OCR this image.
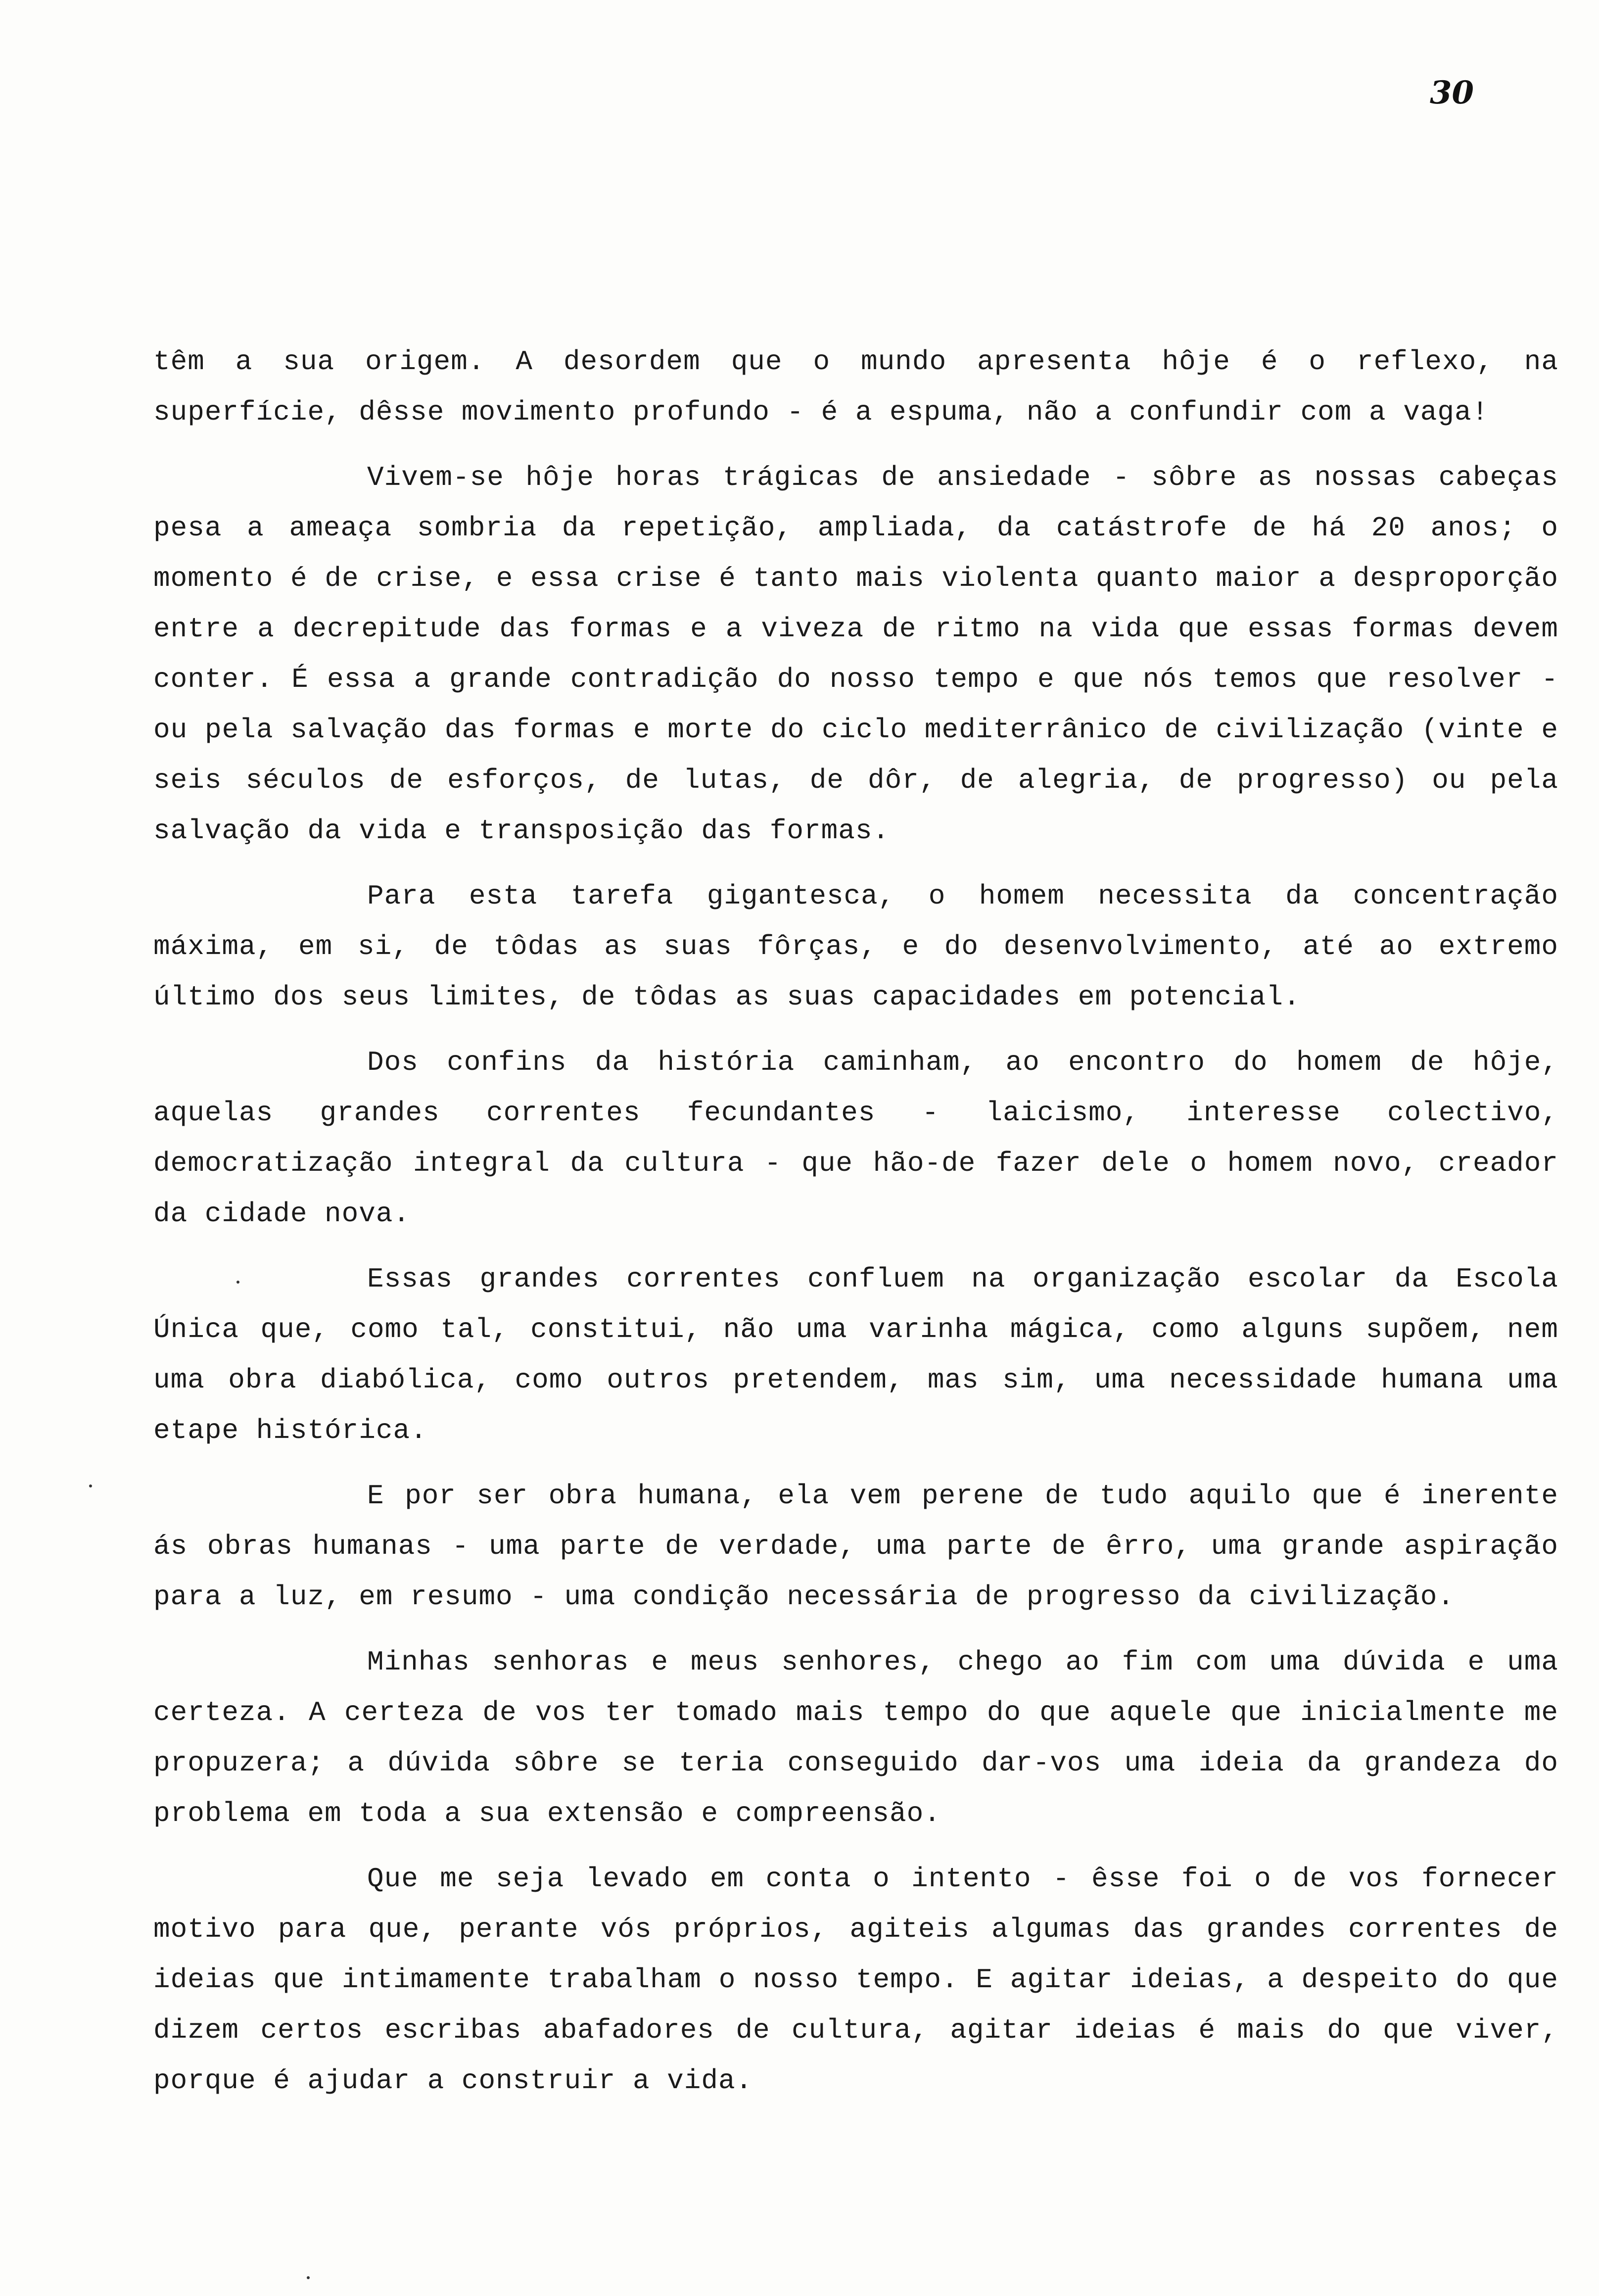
30

têm a sua origem. A desordem que o mundo apresenta hôje é o reflexo, na superfície, dêsse movimento profundo - é a espuma, não a confundir com a vaga!

Vivem-se hôje horas trágicas de ansiedade - sôbre as nossas cabeças pesa a ameaça sombria da repetição, ampliada, da catástrofe de há 20 anos; o momento é de crise, e essa crise é tanto mais violenta quanto maior a desproporção entre a decrepitude das formas e a viveza de ritmo na vida que essas formas devem conter. É essa a grande contradição do nosso tempo e que nós temos que resolver - ou pela salvação das formas e morte do ciclo mediterrânico de civilização (vinte e seis séculos de esforços, de lutas, de dôr, de alegria, de progresso) ou pela salvação da vida e transposição das formas.

Para esta tarefa gigantesca, o homem necessita da concentração máxima, em si, de tôdas as suas fôrças, e do desenvolvimento, até ao extremo último dos seus limites, de tôdas as suas capacidades em potencial.

Dos confins da história caminham, ao encontro do homem de hôje, aquelas grandes correntes fecundantes - laicismo, interesse colectivo, democratização integral da cultura - que hão-de fazer dele o homem novo, creador da cidade nova.

Essas grandes correntes confluem na organização escolar da Escola Única que, como tal, constitui, não uma varinha mágica, como alguns supõem, nem uma obra diabólica, como outros pretendem, mas sim, uma necessidade humana uma etape histórica.

E por ser obra humana, ela vem perene de tudo aquilo que é inerente ás obras humanas - uma parte de verdade, uma parte de êrro, uma grande aspiração para a luz, em resumo - uma condição necessária de progresso da civilização.

Minhas senhoras e meus senhores, chego ao fim com uma dúvida e uma certeza. A certeza de vos ter tomado mais tempo do que aquele que inicialmente me propuzera; a dúvida sôbre se teria conseguido dar-vos uma ideia da grandeza do problema em toda a sua extensão e compreensão.

Que me seja levado em conta o intento - êsse foi o de vos fornecer motivo para que, perante vós próprios, agiteis algumas das grandes correntes de ideias que intimamente trabalham o nosso tempo. E agitar ideias, a despeito do que dizem certos escribas abafadores de cultura, agitar ideias é mais do que viver, porque é ajudar a construir a vida.
